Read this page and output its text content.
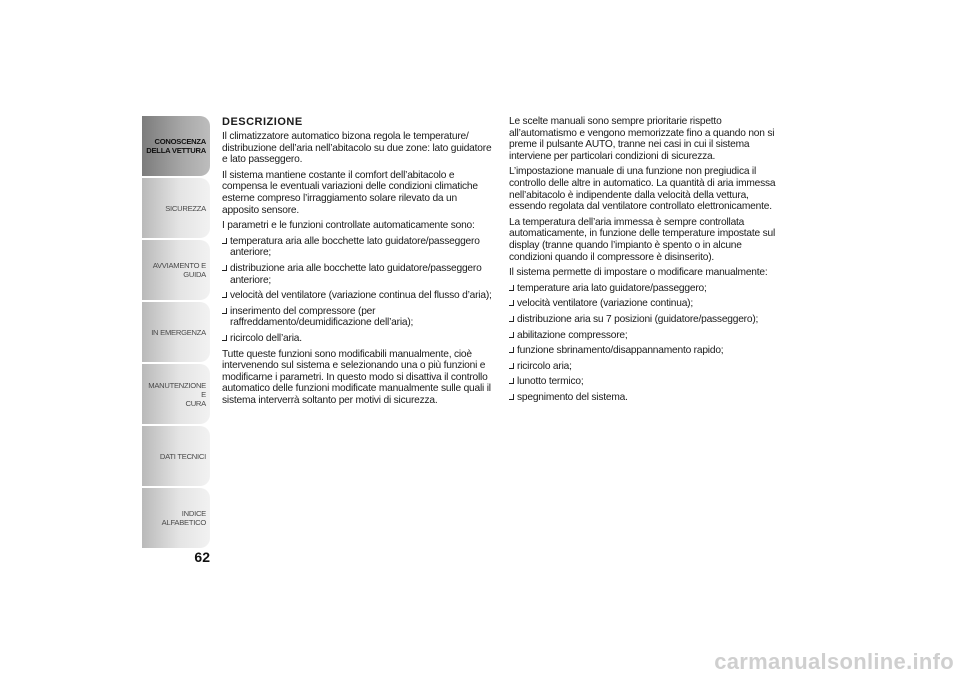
CONOSCENZA
DELLA VETTURA
SICUREZZA
AVVIAMENTO E
GUIDA
IN EMERGENZA
MANUTENZIONE E
CURA
DATI TECNICI
INDICE ALFABETICO
62
DESCRIZIONE

Il climatizzatore automatico bizona regola le temperature/ distribuzione dell’aria nell’abitacolo su due zone: lato guidatore e lato passeggero.

Il sistema mantiene costante il comfort dell’abitacolo e compensa le eventuali variazioni delle condizioni climatiche esterne compreso l’irraggiamento solare rilevato da un apposito sensore.

I parametri e le funzioni controllate automaticamente sono:

temperatura aria alle bocchette lato guidatore/passeggero anteriore;
distribuzione aria alle bocchette lato guidatore/passeggero anteriore;
velocità del ventilatore (variazione continua del flusso d’aria);
inserimento del compressore (per raffreddamento/deumidificazione dell’aria);
ricircolo dell’aria.

Tutte queste funzioni sono modificabili manualmente, cioè intervenendo sul sistema e selezionando una o più funzioni e modificarne i parametri. In questo modo si disattiva il controllo automatico delle funzioni modificate manualmente sulle quali il sistema interverrà soltanto per motivi di sicurezza.

Le scelte manuali sono sempre prioritarie rispetto all’automatismo e vengono memorizzate fino a quando non si preme il pulsante AUTO, tranne nei casi in cui il sistema interviene per particolari condizioni di sicurezza.

L’impostazione manuale di una funzione non pregiudica il controllo delle altre in automatico. La quantità di aria immessa nell’abitacolo è indipendente dalla velocità della vettura, essendo regolata dal ventilatore controllato elettronicamente.

La temperatura dell’aria immessa è sempre controllata automaticamente, in funzione delle temperature impostate sul display (tranne quando l’impianto è spento o in alcune condizioni quando il compressore è disinserito).

Il sistema permette di impostare o modificare manualmente:

temperature aria lato guidatore/passeggero;
velocità ventilatore (variazione continua);
distribuzione aria su 7 posizioni (guidatore/passeggero);
abilitazione compressore;
funzione sbrinamento/disappannamento rapido;
ricircolo aria;
lunotto termico;
spegnimento del sistema.
carmanualsonline.info
